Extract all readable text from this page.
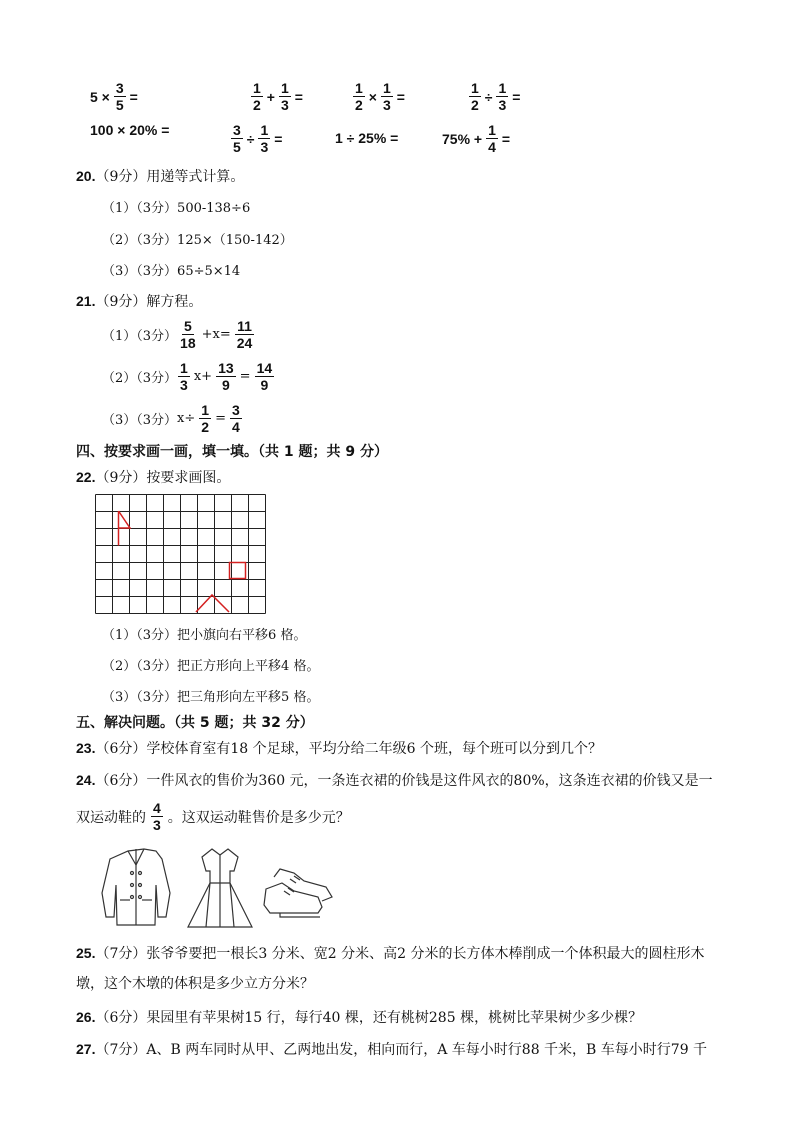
$5 \times \frac{3}{5}$ =	$\frac{1}{2} + \frac{1}{3}$ =	$\frac{1}{2} \times \frac{1}{3}$ =	$\frac{1}{2} \div \frac{1}{3}$ =
100 × 20% =	$\frac{3}{5} \div \frac{1}{3}$ =	1 ÷ 25% =	$75\% + \frac{1}{4}$ =
20. （9分）用递等式计算。
（1）（3分）500-138÷6
（2）（3分）125×（150-142）
（3）（3分）65÷5×14
21. （9分）解方程。
（1）（3分） $\frac{5}{18} +x= \frac{11}{24}$
（2）（3分） $\frac{1}{3} x+ \frac{13}{9} = \frac{14}{9}$
（3）（3分） $x\div \frac{1}{2} = \frac{3}{4}$
四、按要求画一画，填一填。（共 1 题；共 9 分）
22. （9分）按要求画图。
（1）（3分）把小旗向右平移6 格。
（2）（3分）把正方形向上平移4 格。
（3）（3分）把三角形向左平移5 格。
五、解决问题。（共 5 题；共 32 分）
23. （6分）学校体育室有18 个足球，平均分给二年级6 个班，每个班可以分到几个？
24. （6分）一件风衣的售价为360 元，一条连衣裙的价钱是这件风衣的80%，这条连衣裙的价钱又是一
双运动鞋的 $\frac{4}{3}$ 。这双运动鞋售价是多少元？
25. （7分）张爷爷要把一根长3 分米、宽2 分米、高2 分米的长方体木棒削成一个体积最大的圆柱形木
墩，这个木墩的体积是多少立方分米？
26. （6分）果园里有苹果树15 行，每行40 棵，还有桃树285 棵，桃树比苹果树少多少棵？
27. （7分）A、B 两车同时从甲、乙两地出发，相向而行，A 车每小时行88 千米，B 车每小时行79 千
